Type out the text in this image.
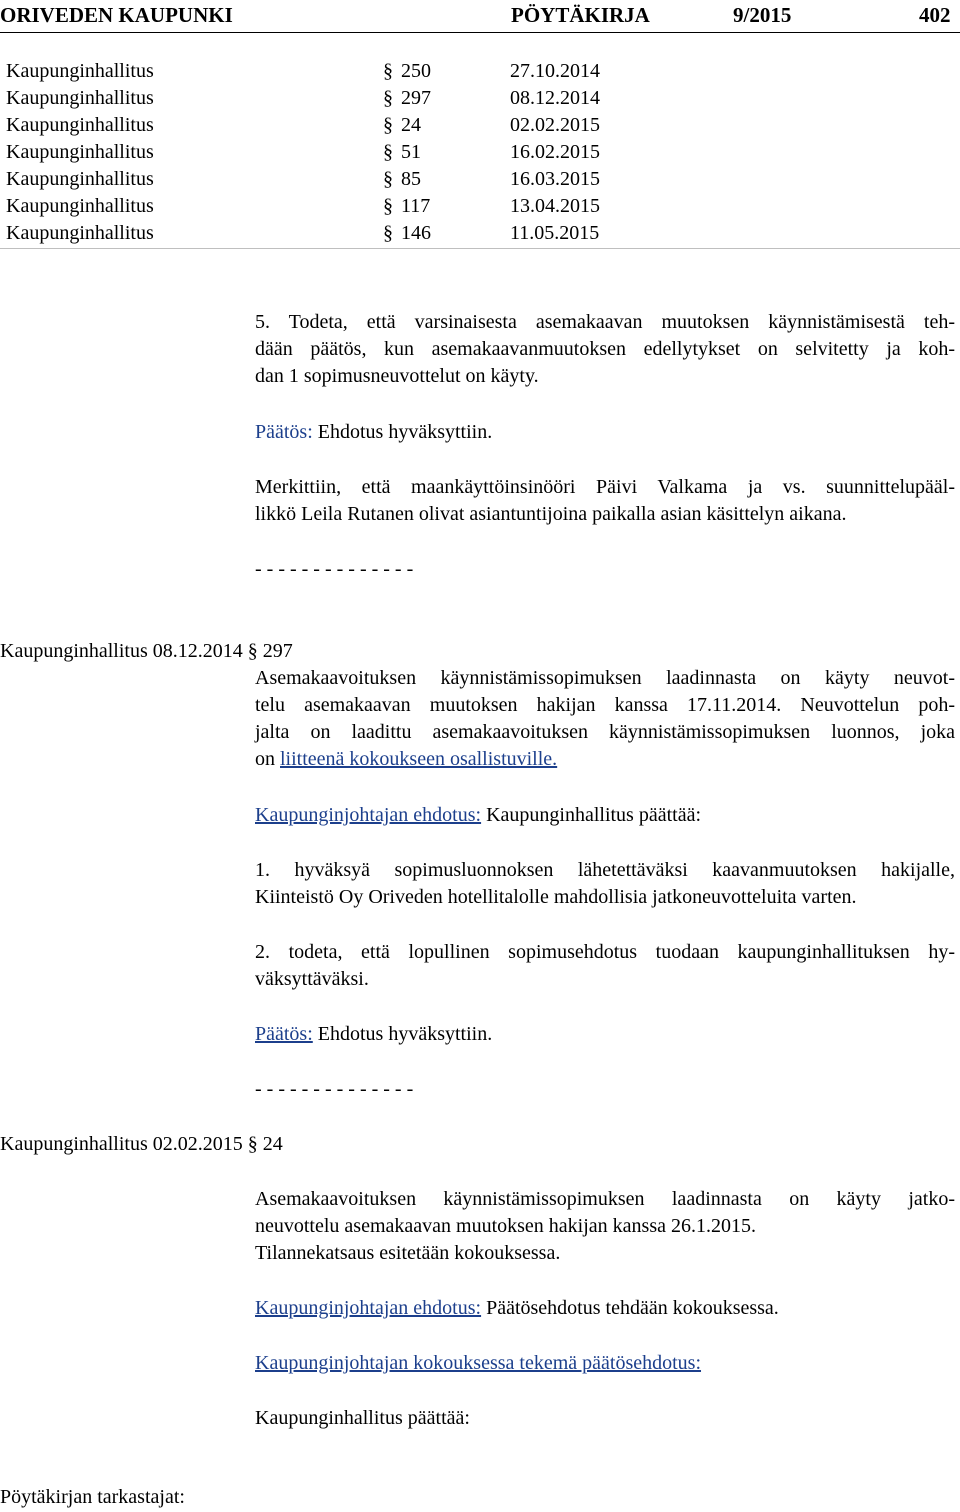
ORIVEDEN KAUPUNKI	PÖYTÄKIRJA	9/2015	402
Kaupunginhallitus	§ 250	27.10.2014
Kaupunginhallitus	§ 297	08.12.2014
Kaupunginhallitus	§ 24	02.02.2015
Kaupunginhallitus	§ 51	16.02.2015
Kaupunginhallitus	§ 85	16.03.2015
Kaupunginhallitus	§ 117	13.04.2015
Kaupunginhallitus	§ 146	11.05.2015
5. Todeta, että varsinaisesta asemakaavan muutoksen käynnistämisestä teh-
dään päätös, kun asemakaavanmuutoksen edellytykset on selvitetty ja koh-
dan 1 sopimusneuvottelut on käyty.
Päätös: Ehdotus hyväksyttiin.
Merkittiin, että maankäyttöinsinööri Päivi Valkama ja vs. suunnittelupääl-
likkö Leila Rutanen olivat asiantuntijoina paikalla asian käsittelyn aikana.
- - - - - - - - - - - - - -
Kaupunginhallitus 08.12.2014 § 297
Asemakaavoituksen käynnistämissopimuksen laadinnasta on käyty neuvot-
telu asemakaavan muutoksen hakijan kanssa 17.11.2014. Neuvottelun poh-
jalta on laadittu asemakaavoituksen käynnistämissopimuksen luonnos, joka
on liitteenä kokoukseen osallistuville.
Kaupunginjohtajan ehdotus: Kaupunginhallitus päättää:
1. hyväksyä sopimusluonnoksen lähetettäväksi kaavanmuutoksen hakijalle,
Kiinteistö Oy Oriveden hotellitalolle mahdollisia jatkoneuvotteluita varten.
2. todeta, että lopullinen sopimusehdotus tuodaan kaupunginhallituksen hy-
väksyttäväksi.
Päätös: Ehdotus hyväksyttiin.
- - - - - - - - - - - - - -
Kaupunginhallitus 02.02.2015 § 24
Asemakaavoituksen käynnistämissopimuksen laadinnasta on käyty jatko-
neuvottelu asemakaavan muutoksen hakijan kanssa 26.1.2015.
Tilannekatsaus esitetään kokouksessa.
Kaupunginjohtajan ehdotus: Päätösehdotus tehdään kokouksessa.
Kaupunginjohtajan kokouksessa tekemä päätösehdotus:
Kaupunginhallitus päättää:
Pöytäkirjan tarkastajat:
